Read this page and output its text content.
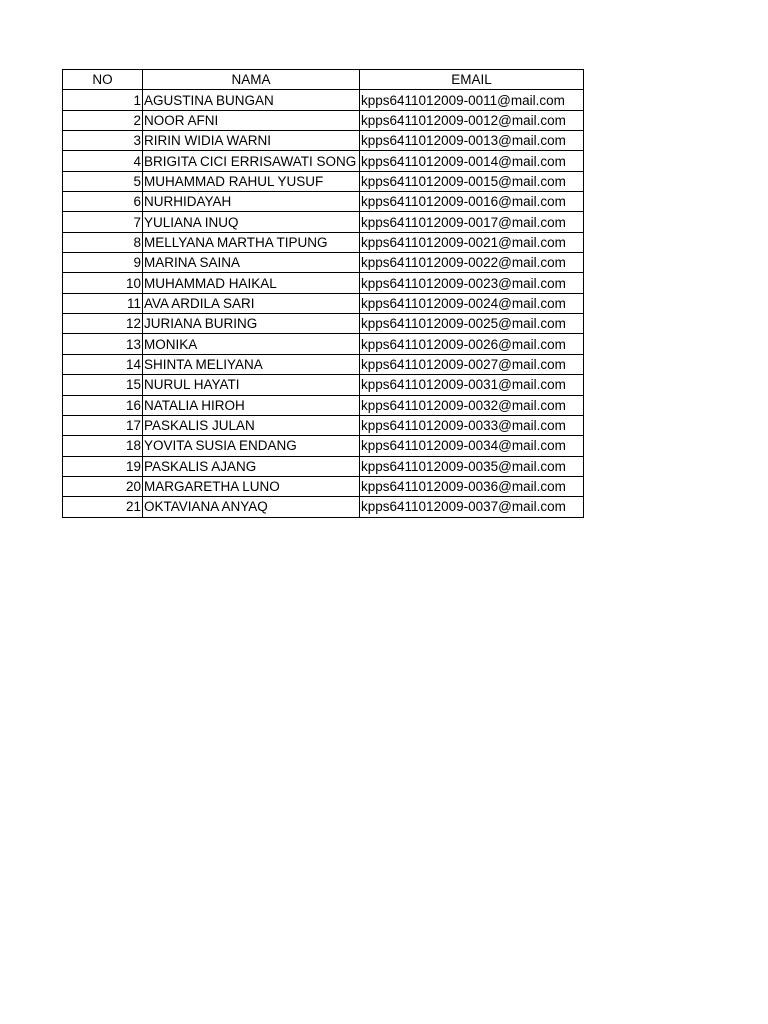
NO	NAMA	EMAIL
1	AGUSTINA BUNGAN	kpps6411012009-0011@mail.com
2	NOOR AFNI	kpps6411012009-0012@mail.com
3	RIRIN WIDIA WARNI	kpps6411012009-0013@mail.com
4	BRIGITA CICI ERRISAWATI SONG	kpps6411012009-0014@mail.com
5	MUHAMMAD RAHUL YUSUF	kpps6411012009-0015@mail.com
6	NURHIDAYAH	kpps6411012009-0016@mail.com
7	YULIANA INUQ	kpps6411012009-0017@mail.com
8	MELLYANA MARTHA TIPUNG	kpps6411012009-0021@mail.com
9	MARINA SAINA	kpps6411012009-0022@mail.com
10	MUHAMMAD HAIKAL	kpps6411012009-0023@mail.com
11	AVA ARDILA SARI	kpps6411012009-0024@mail.com
12	JURIANA BURING	kpps6411012009-0025@mail.com
13	MONIKA	kpps6411012009-0026@mail.com
14	SHINTA MELIYANA	kpps6411012009-0027@mail.com
15	NURUL HAYATI	kpps6411012009-0031@mail.com
16	NATALIA HIROH	kpps6411012009-0032@mail.com
17	PASKALIS JULAN	kpps6411012009-0033@mail.com
18	YOVITA SUSIA ENDANG	kpps6411012009-0034@mail.com
19	PASKALIS AJANG	kpps6411012009-0035@mail.com
20	MARGARETHA LUNO	kpps6411012009-0036@mail.com
21	OKTAVIANA ANYAQ	kpps6411012009-0037@mail.com
